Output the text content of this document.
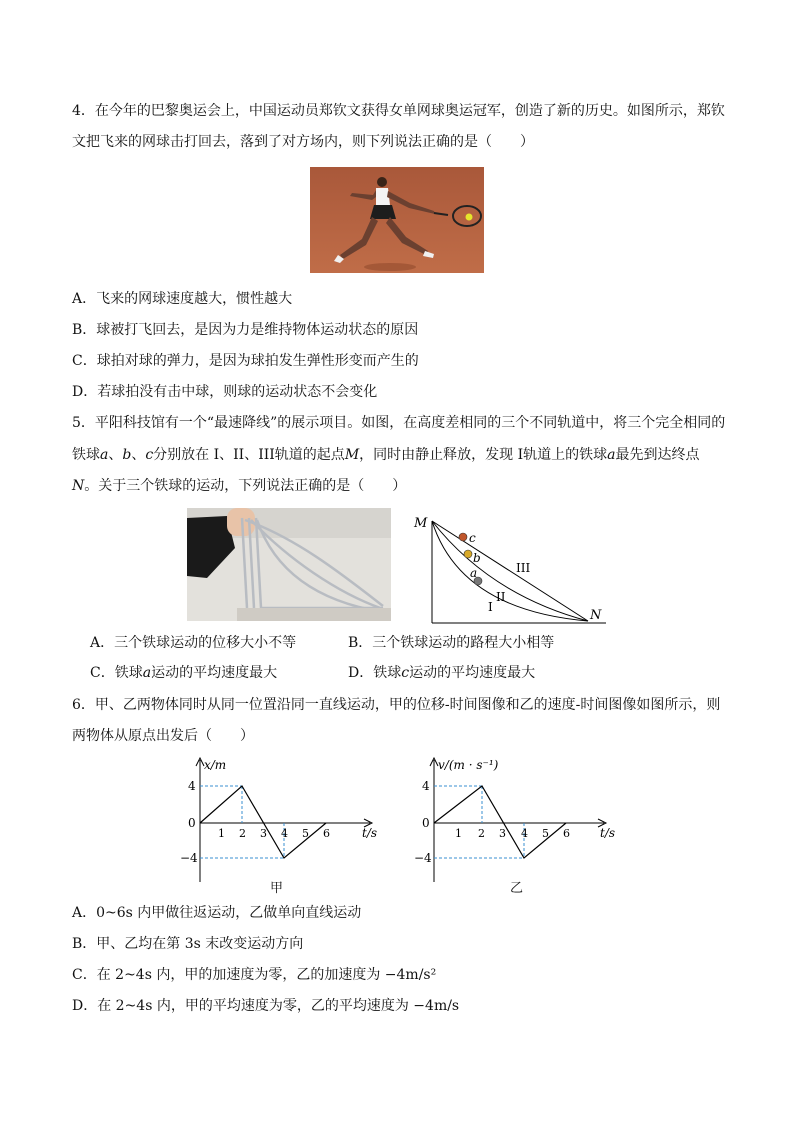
4．在今年的巴黎奥运会上，中国运动员郑钦文获得女单网球奥运冠军，创造了新的历史。如图所示，郑钦
文把飞来的网球击打回去，落到了对方场内，则下列说法正确的是（　　）
A．飞来的网球速度越大，惯性越大
B．球被打飞回去，是因为力是维持物体运动状态的原因
C．球拍对球的弹力，是因为球拍发生弹性形变而产生的
D．若球拍没有击中球，则球的运动状态不会变化
5．平阳科技馆有一个“最速降线”的展示项目。如图，在高度差相同的三个不同轨道中，将三个完全相同的
铁球a、b、c分别放在 I、II、III轨道的起点M，同时由静止释放，发现 I轨道上的铁球a最先到达终点
N。关于三个铁球的运动，下列说法正确的是（　　）
M
N
c
b
a	III
II
I
A．三个铁球运动的位移大小不等	B．三个铁球运动的路程大小相等
C．铁球a运动的平均速度最大	D．铁球c运动的平均速度最大
6．甲、乙两物体同时从同一位置沿同一直线运动，甲的位移-时间图像和乙的速度-时间图像如图所示，则
两物体从原点出发后（　　）
x/m
t/s
4
0
−4
1 2 3 4 5 6
甲
v/(m · s⁻¹)
t/s
4
0
−4
1 2 3 4 5 6
乙
A．0~6s 内甲做往返运动，乙做单向直线运动
B．甲、乙均在第 3s 末改变运动方向
C．在 2~4s 内，甲的加速度为零，乙的加速度为 −4m/s²
D．在 2~4s 内，甲的平均速度为零，乙的平均速度为 −4m/s
